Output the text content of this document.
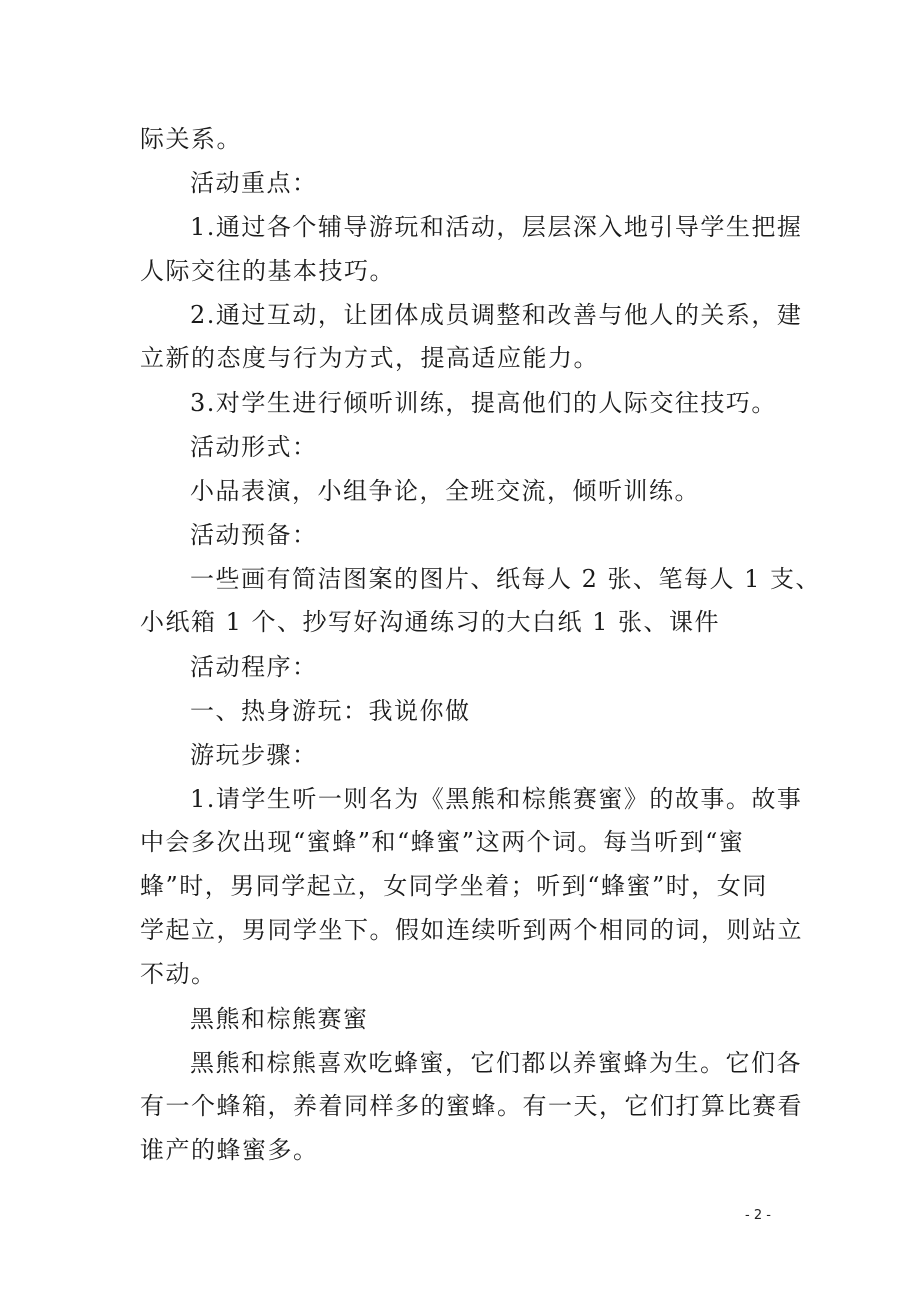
际关系。
活动重点：
1.通过各个辅导游玩和活动，层层深入地引导学生把握
人际交往的基本技巧。
2.通过互动，让团体成员调整和改善与他人的关系，建
立新的态度与行为方式，提高适应能力。
3.对学生进行倾听训练，提高他们的人际交往技巧。
活动形式：
小品表演，小组争论，全班交流，倾听训练。
活动预备：
一些画有简洁图案的图片、纸每人 2 张、笔每人 1 支、
小纸箱 1 个、抄写好沟通练习的大白纸 1 张、课件
活动程序：
一、热身游玩：我说你做
游玩步骤：
1.请学生听一则名为《黑熊和棕熊赛蜜》的故事。故事
中会多次出现“蜜蜂”和“蜂蜜”这两个词。每当听到“蜜
蜂”时，男同学起立，女同学坐着；听到“蜂蜜”时，女同
学起立，男同学坐下。假如连续听到两个相同的词，则站立
不动。
黑熊和棕熊赛蜜
黑熊和棕熊喜欢吃蜂蜜，它们都以养蜜蜂为生。它们各
有一个蜂箱，养着同样多的蜜蜂。有一天，它们打算比赛看
谁产的蜂蜜多。
- 2 -
